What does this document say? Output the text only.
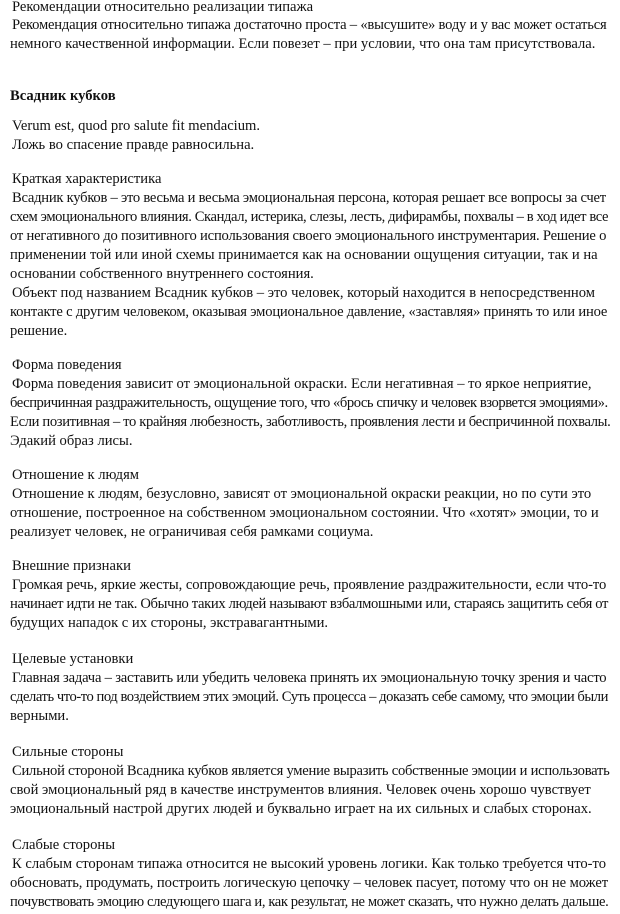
Рекомендации относительно реализации типажа
Рекомендация относительно типажа достаточно проста – «высушите» воду и у вас может остаться
немного качественной информации. Если повезет – при условии, что она там присутствовала.
Всадник кубков
Verum est, quod pro salute fit mendacium.
Ложь во спасение правде равносильна.
Краткая характеристика
Всадник кубков – это весьма и весьма эмоциональная персона, которая решает все вопросы за счет
схем эмоционального влияния. Скандал, истерика, слезы, лесть, дифирамбы, похвалы – в ход идет все
от негативного до позитивного использования своего эмоционального инструментария. Решение о
применении той или иной схемы принимается как на основании ощущения ситуации, так и на
основании собственного внутреннего состояния.
Объект под названием Всадник кубков – это человек, который находится в непосредственном
контакте с другим человеком, оказывая эмоциональное давление, «заставляя» принять то или иное
решение.
Форма поведения
Форма поведения зависит от эмоциональной окраски. Если негативная – то яркое неприятие,
беспричинная раздражительность, ощущение того, что «брось спичку и человек взорвется эмоциями».
Если позитивная – то крайняя любезность, заботливость, проявления лести и беспричинной похвалы.
Эдакий образ лисы.
Отношение к людям
Отношение к людям, безусловно, зависят от эмоциональной окраски реакции, но по сути это
отношение, построенное на собственном эмоциональном состоянии. Что «хотят» эмоции, то и
реализует человек, не ограничивая себя рамками социума.
Внешние признаки
Громкая речь, яркие жесты, сопровождающие речь, проявление раздражительности, если что-то
начинает идти не так. Обычно таких людей называют взбалмошными или, стараясь защитить себя от
будущих нападок с их стороны, экстравагантными.
Целевые установки
Главная задача – заставить или убедить человека принять их эмоциональную точку зрения и часто
сделать что-то под воздействием этих эмоций. Суть процесса – доказать себе самому, что эмоции были
верными.
Сильные стороны
Сильной стороной Всадника кубков является умение выразить собственные эмоции и использовать
свой эмоциональный ряд в качестве инструментов влияния. Человек очень хорошо чувствует
эмоциональный настрой других людей и буквально играет на их сильных и слабых сторонах.
Слабые стороны
К слабым сторонам типажа относится не высокий уровень логики. Как только требуется что-то
обосновать, продумать, построить логическую цепочку – человек пасует, потому что он не может
почувствовать эмоцию следующего шага и, как результат, не может сказать, что нужно делать дальше.
